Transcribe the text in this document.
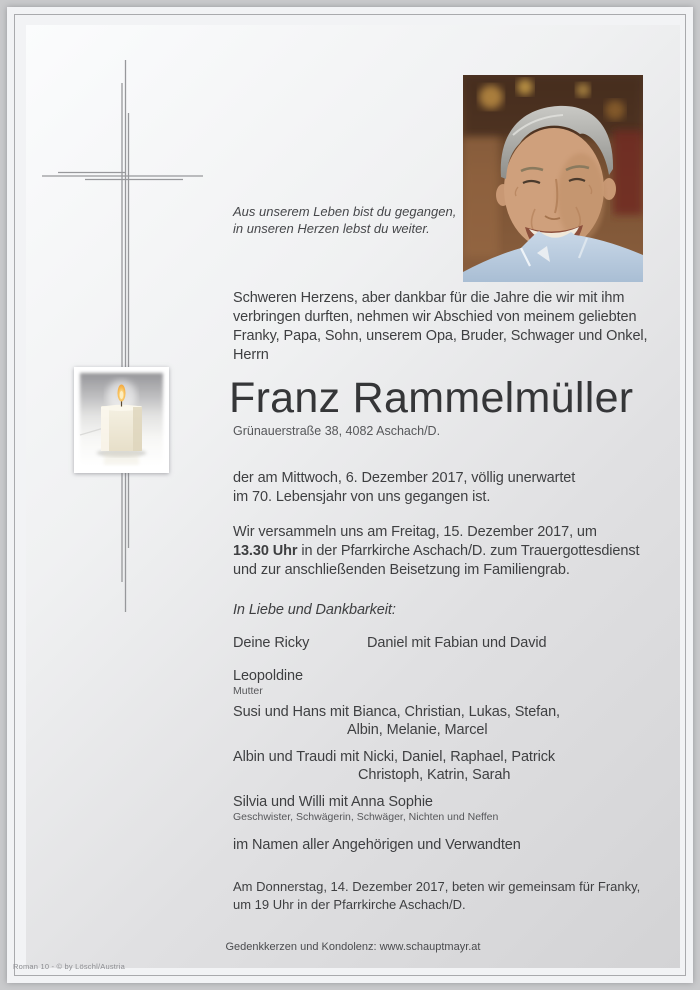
Aus unserem Leben bist du gegangen,
in unseren Herzen lebst du weiter.
Schweren Herzens, aber dankbar für die Jahre die wir mit ihm
verbringen durften, nehmen wir Abschied von meinem geliebten
Franky, Papa, Sohn, unserem Opa, Bruder, Schwager und Onkel,
Herrn
Franz Rammelmüller
Grünauerstraße 38, 4082 Aschach/D.
der am Mittwoch, 6. Dezember 2017, völlig unerwartet
im 70. Lebensjahr von uns gegangen ist.
Wir versammeln uns am Freitag, 15. Dezember 2017, um
13.30 Uhr in der Pfarrkirche Aschach/D. zum Trauergottesdienst
und zur anschließenden Beisetzung im Familiengrab.
In Liebe und Dankbarkeit:
Deine Ricky	Daniel mit Fabian und David
Leopoldine
Mutter
Susi und Hans mit Bianca, Christian, Lukas, Stefan,
Albin, Melanie, Marcel
Albin und Traudi mit Nicki, Daniel, Raphael, Patrick
Christoph, Katrin, Sarah
Silvia und Willi mit Anna Sophie
Geschwister, Schwägerin, Schwäger, Nichten und Neffen
im Namen aller Angehörigen und Verwandten
Am Donnerstag, 14. Dezember 2017, beten wir gemeinsam für Franky,
um 19 Uhr in der Pfarrkirche Aschach/D.
Gedenkkerzen und Kondolenz: www.schauptmayr.at
Roman 10 - © by Löschl/Austria
